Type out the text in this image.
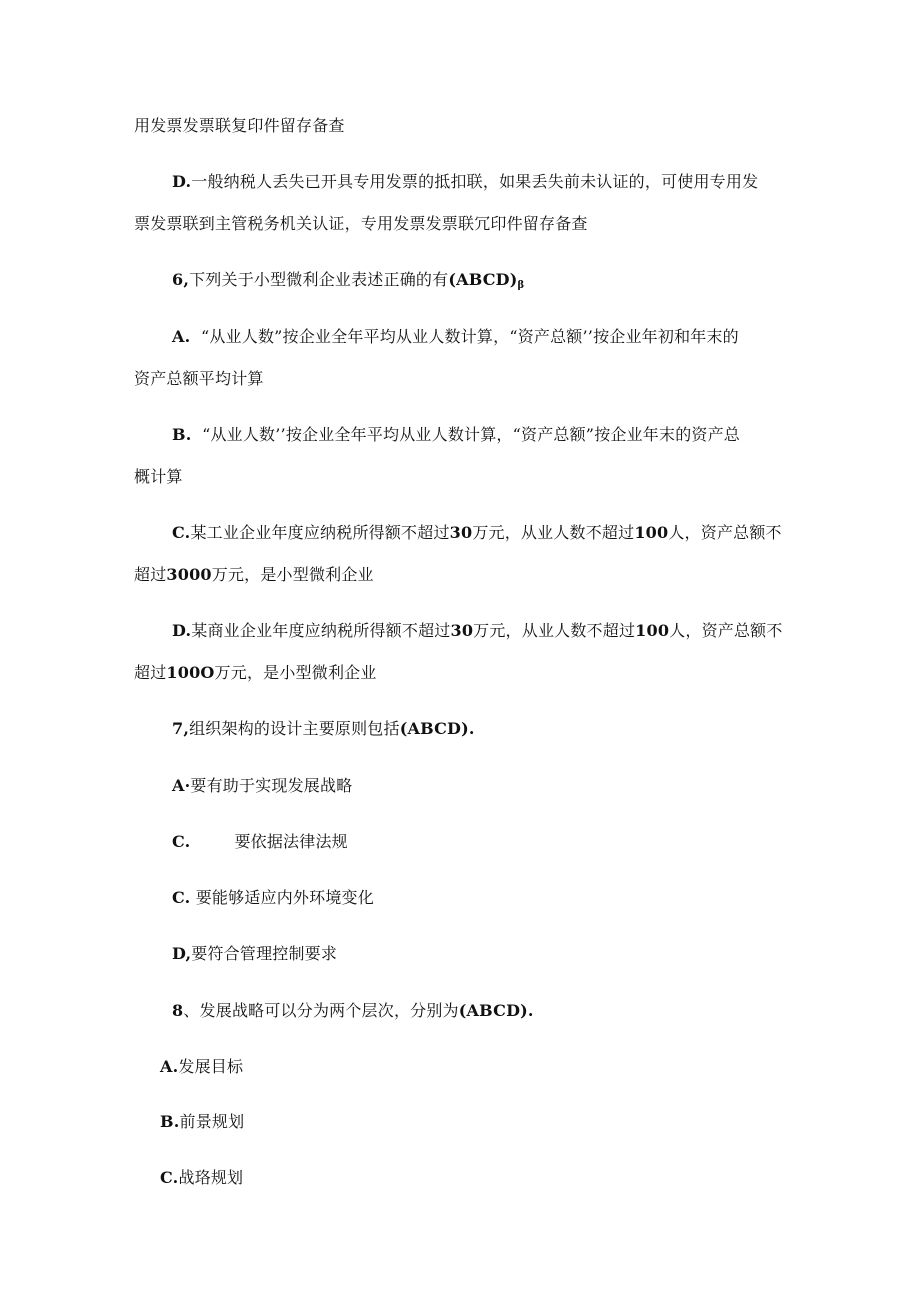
用发票发票联复印件留存备查
D.一般纳税人丢失已开具专用发票的抵扣联，如果丢失前未认证的，可使用专用发
票发票联到主管税务机关认证，专用发票发票联冗印件留存备查
6,下列关于小型微利企业表述正确的有$(ABCD)_\beta$
A. “从业人数”按企业全年平均从业人数计算，“资产总额’’按企业年初和年末的
资产总额平均计算
B. “从业人数’’按企业全年平均从业人数计算，“资产总额”按企业年末的资产总
概计算
C.某工业企业年度应纳税所得额不超过30万元，从业人数不超过100人，资产总额不
超过3000万元，是小型微利企业
D.某商业企业年度应纳税所得额不超过30万元，从业人数不超过100人，资产总额不
超过100O万元，是小型微利企业
7,组织架构的设计主要原则包括(ABCD).
A·要有助于实现发展战略
C.	要依据法律法规
C. 要能够适应内外环境变化
D,要符合管理控制要求
8、发展战略可以分为两个层次，分别为(ABCD).
A.发展目标
B.前景规划
C.战珞规划
